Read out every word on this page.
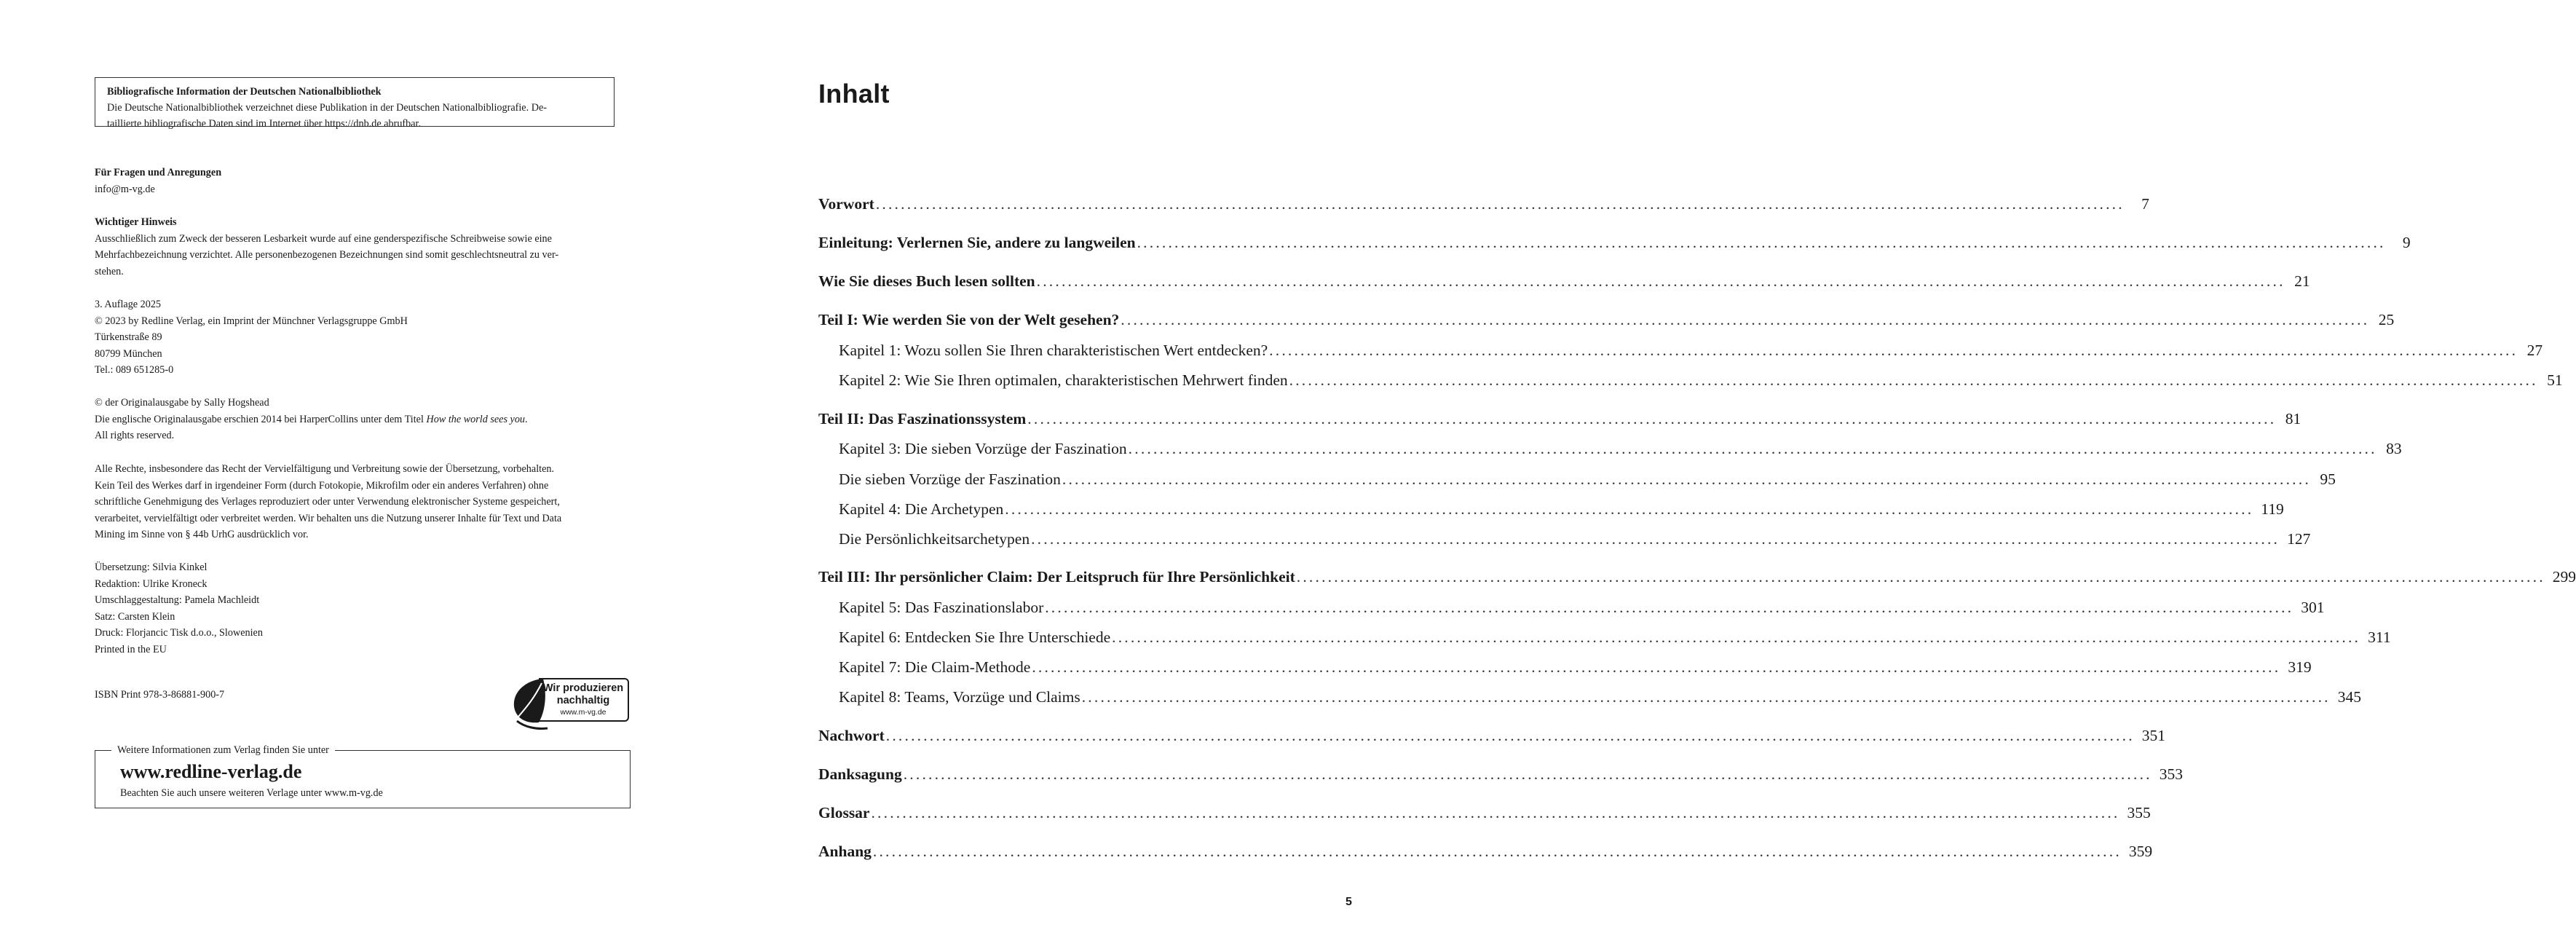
Bibliografische Information der Deutschen Nationalbibliothek
Die Deutsche Nationalbibliothek verzeichnet diese Publikation in der Deutschen Nationalbibliografie. De-
taillierte bibliografische Daten sind im Internet über https://dnb.de abrufbar.
Für Fragen und Anregungen
info@m-vg.de
Wichtiger Hinweis
Ausschließlich zum Zweck der besseren Lesbarkeit wurde auf eine genderspezifische Schreibweise sowie eine
Mehrfachbezeichnung verzichtet. Alle personenbezogenen Bezeichnungen sind somit geschlechtsneutral zu ver-
stehen.
3. Auflage 2025
© 2023 by Redline Verlag, ein Imprint der Münchner Verlagsgruppe GmbH
Türkenstraße 89
80799 München
Tel.: 089 651285-0
© der Originalausgabe by Sally Hogshead
Die englische Originalausgabe erschien 2014 bei HarperCollins unter dem Titel How the world sees you.
All rights reserved.
Alle Rechte, insbesondere das Recht der Vervielfältigung und Verbreitung sowie der Übersetzung, vorbehalten.
Kein Teil des Werkes darf in irgendeiner Form (durch Fotokopie, Mikrofilm oder ein anderes Verfahren) ohne
schriftliche Genehmigung des Verlages reproduziert oder unter Verwendung elektronischer Systeme gespeichert,
verarbeitet, vervielfältigt oder verbreitet werden. Wir behalten uns die Nutzung unserer Inhalte für Text und Data
Mining im Sinne von § 44b UrhG ausdrücklich vor.
Übersetzung: Silvia Kinkel
Redaktion: Ulrike Kroneck
Umschlaggestaltung: Pamela Machleidt
Satz: Carsten Klein
Druck: Florjancic Tisk d.o.o., Slowenien
Printed in the EU
ISBN Print 978-3-86881-900-7
Wir produzieren
nachhaltig
www.m-vg.de
Weitere Informationen zum Verlag finden Sie unter
www.redline-verlag.de
Beachten Sie auch unsere weiteren Verlage unter www.m-vg.de
Inhalt
Vorwort ........................................................................................................................................................................................................	7
Einleitung: Verlernen Sie, andere zu langweilen ........................................................................................................................................................................................................	9
Wie Sie dieses Buch lesen sollten ........................................................................................................................................................................................................ 21
Teil I: Wie werden Sie von der Welt gesehen? ........................................................................................................................................................................................................ 25
Kapitel 1: Wozu sollen Sie Ihren charakteristischen Wert entdecken? ........................................................................................................................................................................................................ 27
Kapitel 2: Wie Sie Ihren optimalen, charakteristischen Mehrwert finden ........................................................................................................................................................................................................ 51
Teil II: Das Faszinationssystem ........................................................................................................................................................................................................ 81
Kapitel 3: Die sieben Vorzüge der Faszination ........................................................................................................................................................................................................ 83
Die sieben Vorzüge der Faszination ........................................................................................................................................................................................................ 95
Kapitel 4: Die Archetypen ........................................................................................................................................................................................................ 119
Die Persönlichkeitsarchetypen ........................................................................................................................................................................................................ 127
Teil III: Ihr persönlicher Claim: Der Leitspruch für Ihre Persönlichkeit ........................................................................................................................................................................................................ 299
Kapitel 5: Das Faszinationslabor ........................................................................................................................................................................................................ 301
Kapitel 6: Entdecken Sie Ihre Unterschiede ........................................................................................................................................................................................................ 311
Kapitel 7: Die Claim-Methode ........................................................................................................................................................................................................ 319
Kapitel 8: Teams, Vorzüge und Claims ........................................................................................................................................................................................................ 345
Nachwort ........................................................................................................................................................................................................ 351
Danksagung ........................................................................................................................................................................................................ 353
Glossar ........................................................................................................................................................................................................ 355
Anhang ........................................................................................................................................................................................................ 359
5
